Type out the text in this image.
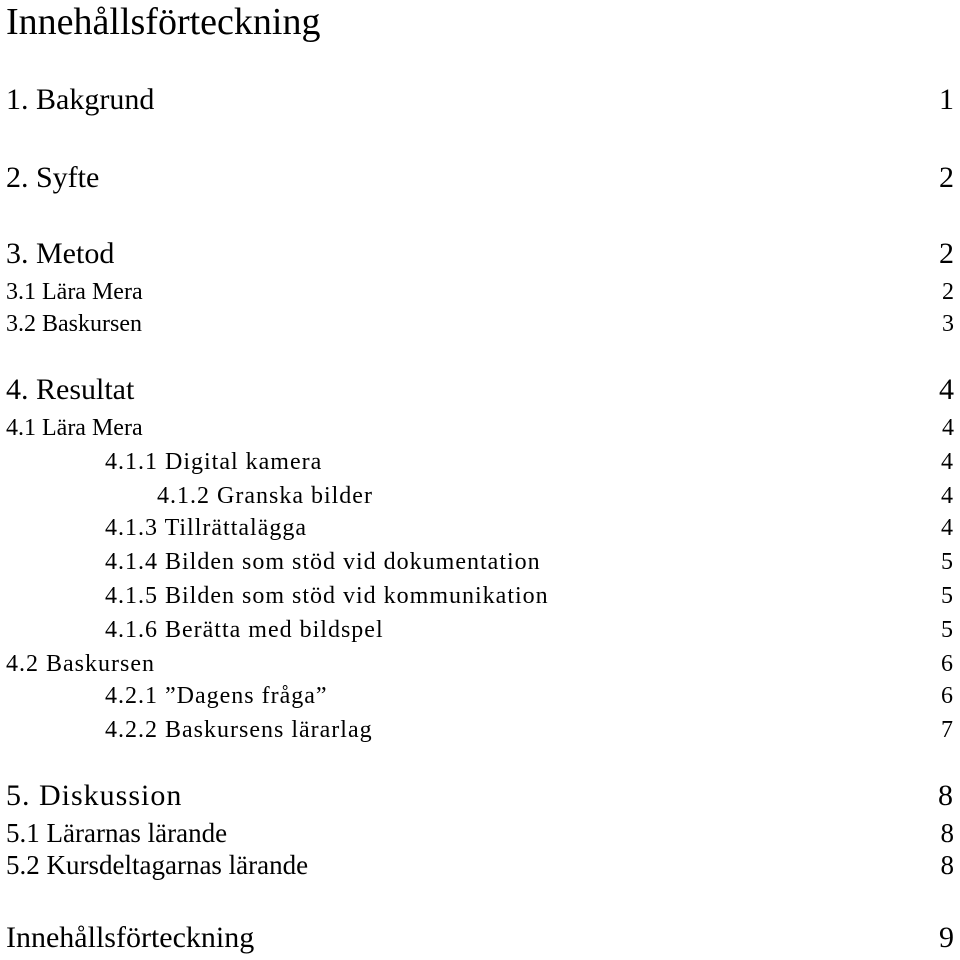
Innehållsförteckning
1. Bakgrund	1
2. Syfte	2
3. Metod	2
3.1 Lära Mera	2
3.2 Baskursen	3
4. Resultat	4
4.1 Lära Mera	4
4.1.1 Digital kamera	4
4.1.2 Granska bilder	4
4.1.3 Tillrättalägga	4
4.1.4 Bilden som stöd vid dokumentation	5
4.1.5 Bilden som stöd vid kommunikation	5
4.1.6 Berätta med bildspel	5
4.2 Baskursen	6
4.2.1 ”Dagens fråga”	6
4.2.2 Baskursens lärarlag	7
5. Diskussion	8
5.1 Lärarnas lärande	8
5.2 Kursdeltagarnas lärande	8
Innehållsförteckning	9
